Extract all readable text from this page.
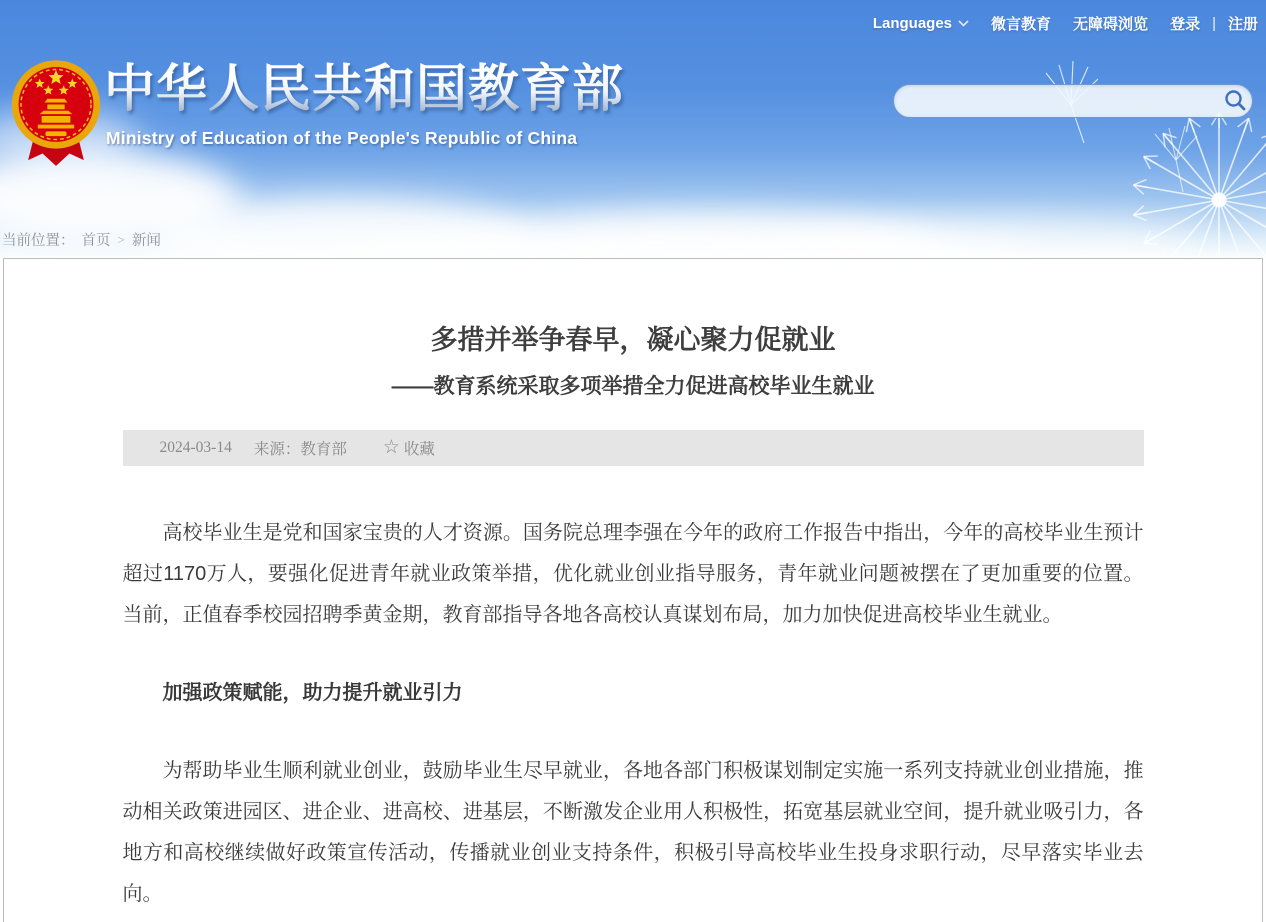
Languages	微言教育 无障碍浏览 登录 | 注册
中华人民共和国教育部
Ministry of Education of the People's Republic of China
当前位置： 首页 > 新闻
多措并举争春早，凝心聚力促就业
——教育系统采取多项举措全力促进高校毕业生就业
2024-03-14 来源：教育部 ☆ 收藏

高校毕业生是党和国家宝贵的人才资源。国务院总理李强在今年的政府工作报告中指出，今年的高校毕业生预计超过1170万人，要强化促进青年就业政策举措，优化就业创业指导服务，青年就业问题被摆在了更加重要的位置。当前，正值春季校园招聘季黄金期，教育部指导各地各高校认真谋划布局，加力加快促进高校毕业生就业。

加强政策赋能，助力提升就业引力

为帮助毕业生顺利就业创业，鼓励毕业生尽早就业，各地各部门积极谋划制定实施一系列支持就业创业措施，推动相关政策进园区、进企业、进高校、进基层，不断激发企业用人积极性，拓宽基层就业空间，提升就业吸引力，各地方和高校继续做好政策宣传活动，传播就业创业支持条件，积极引导高校毕业生投身求职行动，尽早落实毕业去向。
